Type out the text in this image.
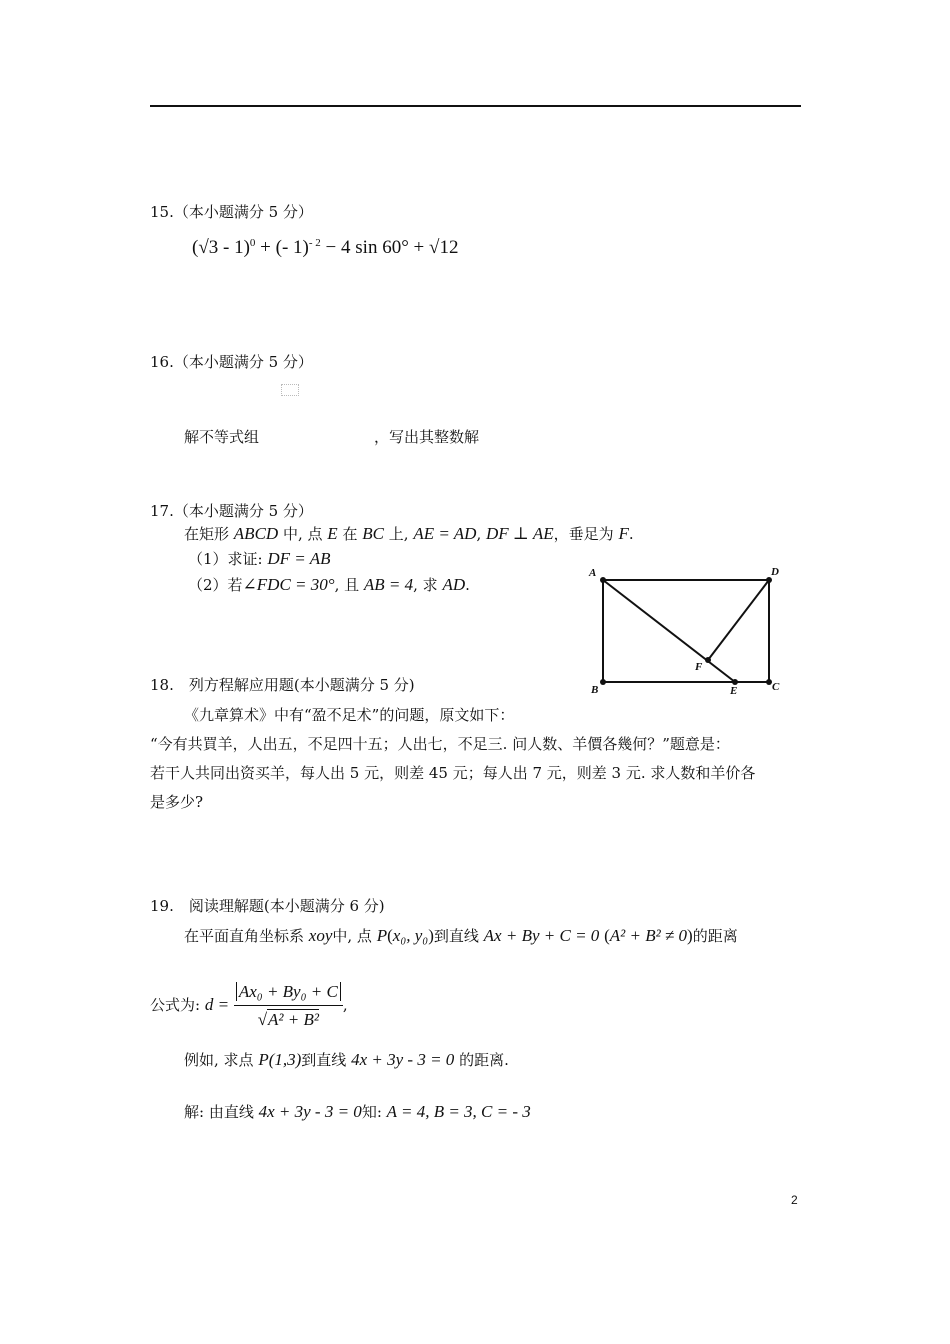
15.（本小题满分 5 分）
(√3 - 1)$^0$ + (- 1)$^{- 2}$ − 4 sin 60° + √12
16.（本小题满分 5 分）
解不等式组	，写出其整数解
17.（本小题满分 5 分）
在矩形 ABCD 中, 点 E 在 BC 上, AE = AD, DF ⊥ AE，垂足为 F.
（1）求证: DF = AB
（2）若∠FDC = 30°, 且 AB = 4, 求 AD.
A	D
B	C
E
F
18.　列方程解应用题(本小题满分 5 分)
《九章算术》中有“盈不足术”的问题，原文如下：
“今有共買羊，人出五，不足四十五；人出七，不足三. 问人数、羊價各幾何？”题意是：
若干人共同出资买羊，每人出 5 元，则差 45 元；每人出 7 元，则差 3 元. 求人数和羊价各
是多少?
19.　阅读理解题(本小题满分 6 分)
在平面直角坐标系 xoy中, 点 P(x₀, y₀)到直线 Ax + By + C = 0 (A² + B² ≠ 0)的距离
公式为: $d = \frac{\text{Ax₀ + By₀ + C}}{\text{√A² + B²}}$ ,
例如, 求点 P(1,3)到直线 4x + 3y - 3 = 0 的距离.
解: 由直线 4x + 3y - 3 = 0知: A = 4, B = 3, C = - 3
2
